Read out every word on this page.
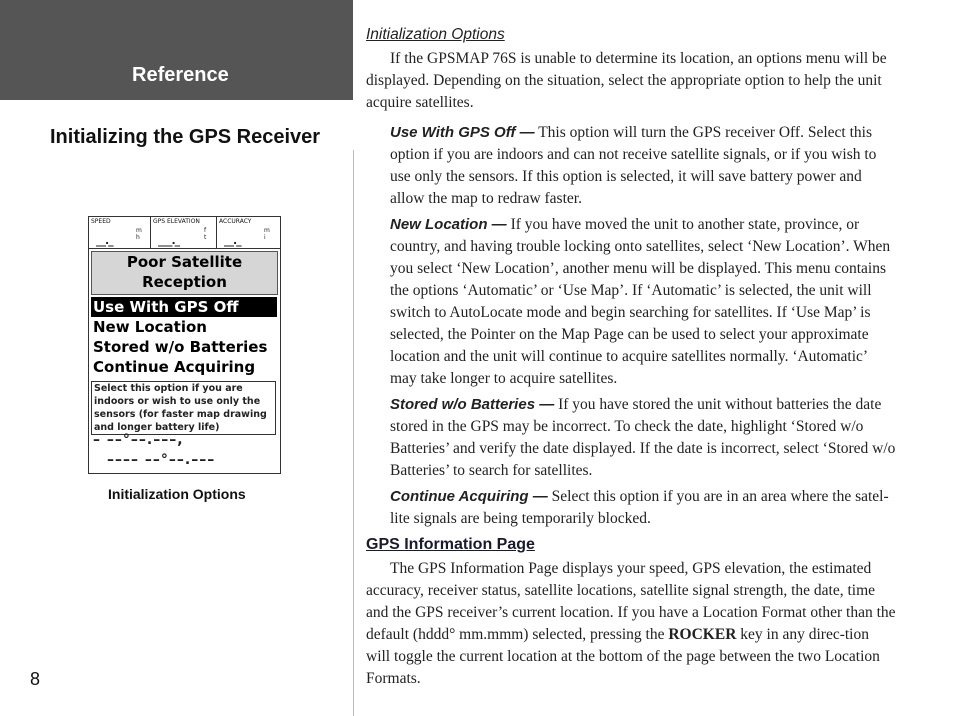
Reference
Initializing the GPS Receiver
SPEED
__._
m
h
GPS ELEVATION
___._
f
t
ACCURACY
__._
m
i
Poor Satellite
Reception
Use With GPS Off
New Location
Stored w/o Batteries
Continue Acquiring
Select this option if you are indoors or wish to use only the sensors (for faster map drawing and longer battery life)
– ––°––.–––,
–––– ––°––.–––
Initialization Options
8
Initialization Options

If the GPSMAP 76S is unable to determine its location, an options menu will be displayed. Depending on the situation, select the appropriate option to help the unit acquire satellites.

Use With GPS Off — This option will turn the GPS receiver Off. Select this option if you are indoors and can not receive satellite signals, or if you wish to use only the sensors. If this option is selected, it will save battery power and allow the map to redraw faster.

New Location — If you have moved the unit to another state, province, or country, and having trouble locking onto satellites, select ‘New Location’. When you select ‘New Location’, another menu will be displayed. This menu contains the options ‘Automatic’ or ‘Use Map’. If ‘Automatic’ is selected, the unit will switch to AutoLocate mode and begin searching for satellites. If ‘Use Map’ is selected, the Pointer on the Map Page can be used to select your approximate location and the unit will continue to acquire satellites normally. ‘Automatic’ may take longer to acquire satellites.

Stored w/o Batteries — If you have stored the unit without batteries the date stored in the GPS may be incorrect. To check the date, highlight ‘Stored w/o Batteries’ and verify the date displayed. If the date is incorrect, select ‘Stored w/o Batteries’ to search for satellites.

Continue Acquiring — Select this option if you are in an area where the satel-lite signals are being temporarily blocked.

GPS Information Page

The GPS Information Page displays your speed, GPS elevation, the estimated accuracy, receiver status, satellite locations, satellite signal strength, the date, time and the GPS receiver’s current location. If you have a Location Format other than the default (hddd° mm.mmm) selected, pressing the ROCKER key in any direc-tion will toggle the current location at the bottom of the page between the two Location Formats.
